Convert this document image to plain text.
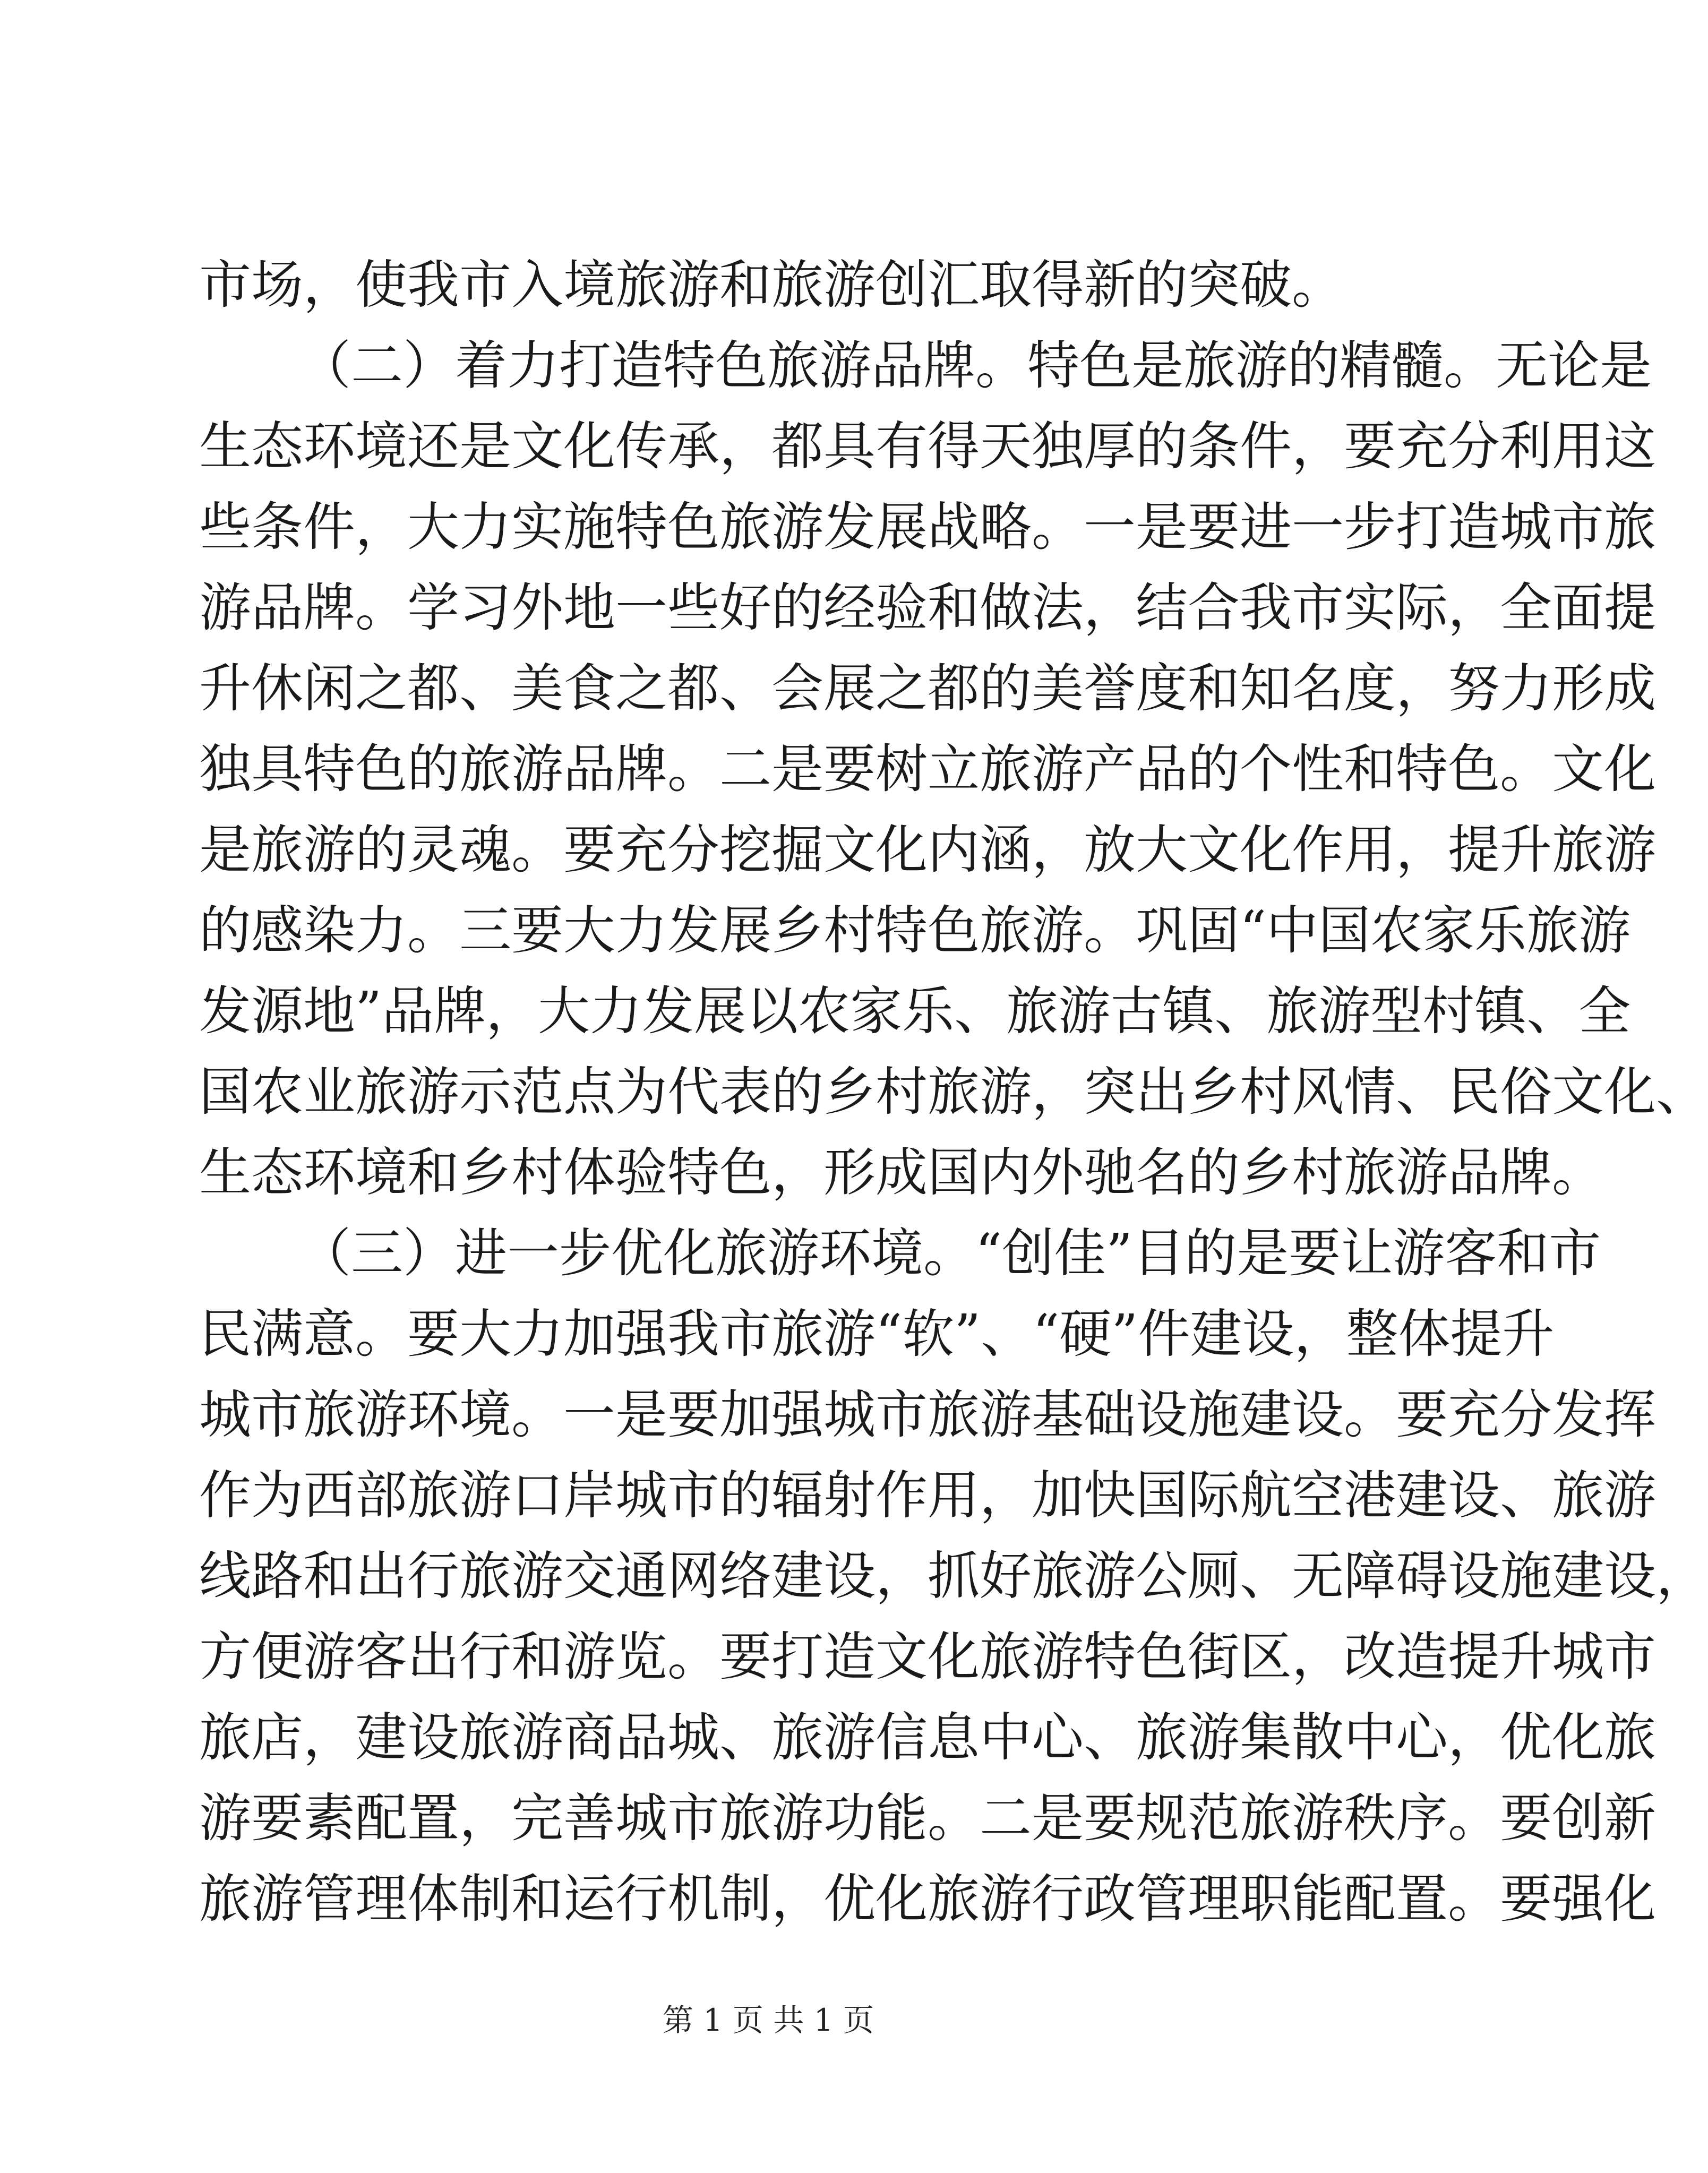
市场，使我市入境旅游和旅游创汇取得新的突破。
（二）着力打造特色旅游品牌。特色是旅游的精髓。无论是
生态环境还是文化传承，都具有得天独厚的条件，要充分利用这
些条件，大力实施特色旅游发展战略。一是要进一步打造城市旅
游品牌。学习外地一些好的经验和做法，结合我市实际，全面提
升休闲之都、美食之都、会展之都的美誉度和知名度，努力形成
独具特色的旅游品牌。二是要树立旅游产品的个性和特色。文化
是旅游的灵魂。要充分挖掘文化内涵，放大文化作用，提升旅游
的感染力。三要大力发展乡村特色旅游。巩固“中国农家乐旅游
发源地”品牌，大力发展以农家乐、旅游古镇、旅游型村镇、全
国农业旅游示范点为代表的乡村旅游，突出乡村风情、民俗文化、
生态环境和乡村体验特色，形成国内外驰名的乡村旅游品牌。
（三）进一步优化旅游环境。“创佳”目的是要让游客和市
民满意。要大力加强我市旅游“软”、“硬”件建设，整体提升
城市旅游环境。一是要加强城市旅游基础设施建设。要充分发挥
作为西部旅游口岸城市的辐射作用，加快国际航空港建设、旅游
线路和出行旅游交通网络建设，抓好旅游公厕、无障碍设施建设，
方便游客出行和游览。要打造文化旅游特色街区，改造提升城市
旅店，建设旅游商品城、旅游信息中心、旅游集散中心，优化旅
游要素配置，完善城市旅游功能。二是要规范旅游秩序。要创新
旅游管理体制和运行机制，优化旅游行政管理职能配置。要强化
第 1 页 共 1 页
